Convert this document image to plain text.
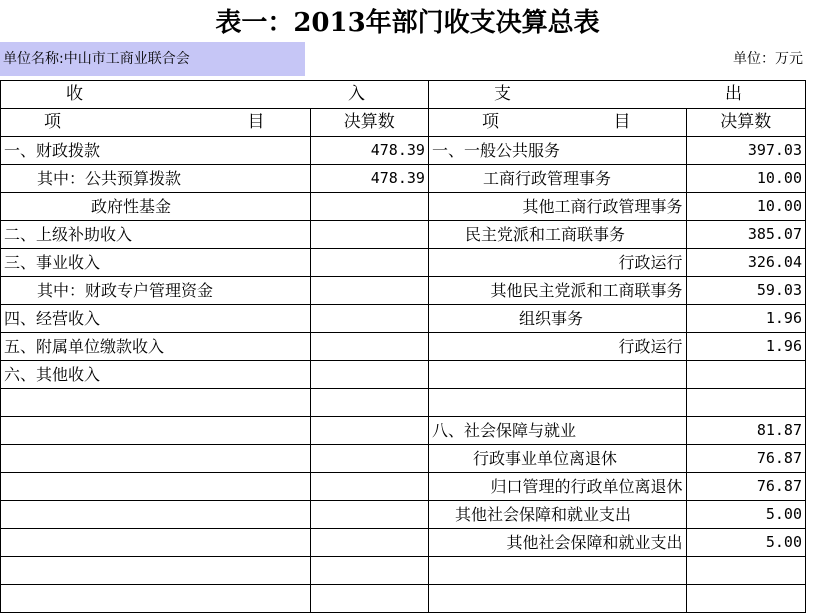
表一：2013年部门收支决算总表
单位名称:中山市工商业联合会	单位：万元
收 入		支 出	

项 目	决算数	项 目	决算数
一、财政拨款	478.39	一、一般公共服务	397.03
其中：公共预算拨款	478.39	工商行政管理事务	10.00
政府性基金		其他工商行政管理事务	10.00
二、上级补助收入		民主党派和工商联事务	385.07
三、事业收入		行政运行	326.04
其中：财政专户管理资金		其他民主党派和工商联事务	59.03
四、经营收入		组织事务	1.96
五、附属单位缴款收入		行政运行	1.96
六、其他收入			

		八、社会保障与就业	81.87
		行政事业单位离退休	76.87
		归口管理的行政单位离退休	76.87
		其他社会保障和就业支出	5.00
		其他社会保障和就业支出	5.00
